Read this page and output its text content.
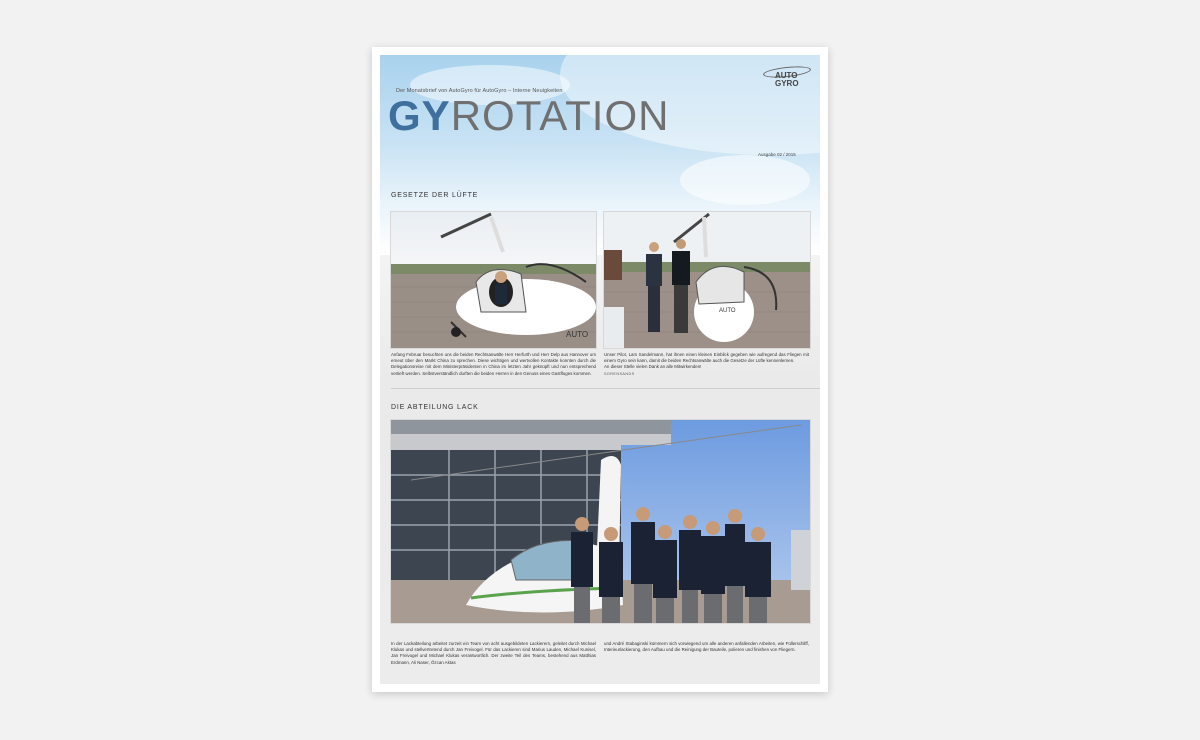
Der Monatsbrief von AutoGyro für AutoGyro – Interne Neuigkeiten
GYROTATION
AUTO
GYRO
Ausgabe 02 / 2015
GESETZE DER LÜFTE
AUTO
AUTO
Anfang Februar besuchten uns die beiden Rechtsanwälte Herr Herfurth und Herr Delp aus Hannover um erneut über den Markt China zu sprechen. Diese wichtigen und wertvollen Kontakte konnten durch die Delegationsreise mit dem Ministerpräsidenten in China im letzten Jahr geknüpft und nun entsprechend vertieft werden. Selbstverständlich durften die beiden Herren in den Genuss eines Gastfluges kommen.
Unser Pilot, Lars Sandelmann, hat ihnen einen kleinen Einblick gegeben wie aufregend das Fliegen mit einem Gyro sein kann, damit die beiden Rechtsanwälte auch die Gesetze der Lüfte kennenlernen.
An dieser Stelle vielen Dank an alle Mitwirkenden!
SORENSANDS
DIE ABTEILUNG LACK
In der Lackabteilung arbeitet zurzeit ein Team von acht ausgebildeten Lackierern, geleitet durch Michael Klukas und stellvertretend durch Jan Freivogel. Für das Lackieren sind Marius Lauden, Michael Kunisel, Jan Freivogel und Michael Klukas verantwortlich. Der zweite Teil des Teams, bestehend aus Matthias Erdmann, Ali Naser, Özcan Aktas
und André Stabaginski kümmern sich vorwiegend um alle anderen anfallenden Arbeiten, wie Füllerschliff, Interieurlackierung, den Aufbau und die Reinigung der Bauteile, polieren und finishen von Fliegern.
